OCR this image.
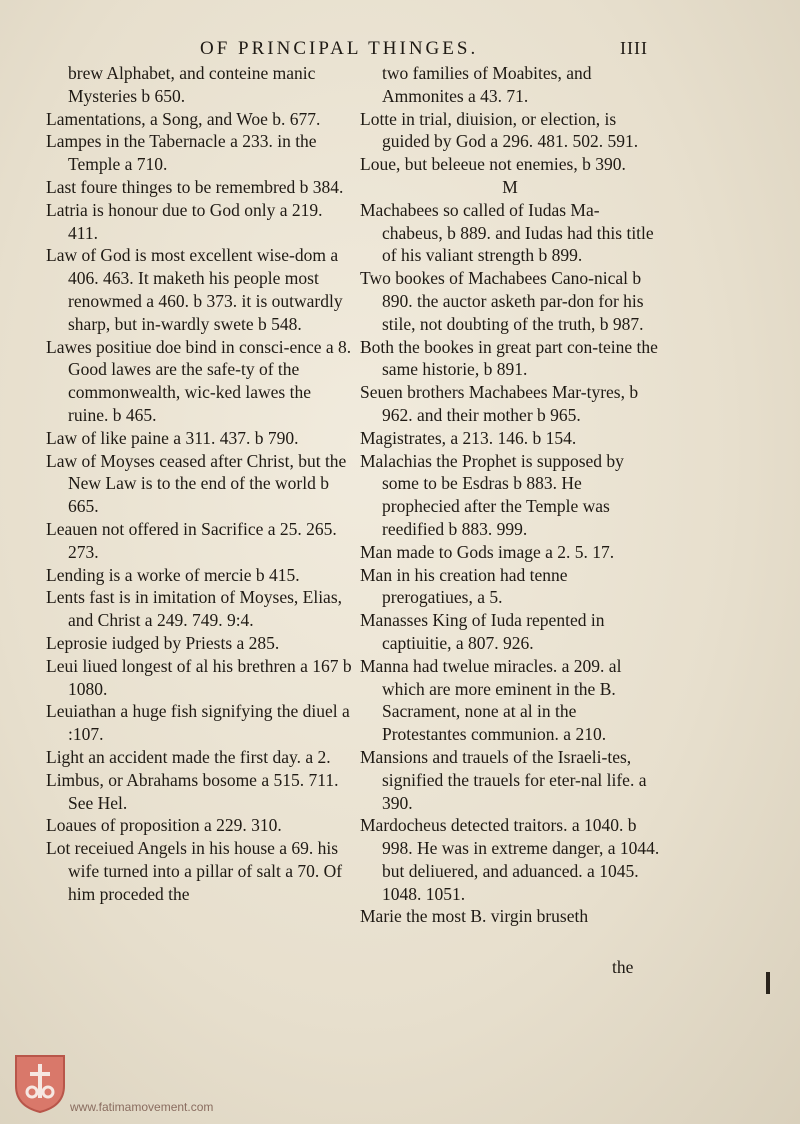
OF PRINCIPAL THINGES.	IIII

brew Alphabet, and conteine manic Mysteries b 650.

Lamentations, a Song, and Woe b. 677.

Lampes in the Tabernacle a 233. in the Temple a 710.

Last foure thinges to be remembred b 384.

Latria is honour due to God only a 219. 411.

Law of God is most excellent wise-dom a 406. 463. It maketh his people most renowmed a 460. b 373. it is outwardly sharp, but in-wardly swete b 548.

Lawes positiue doe bind in consci-ence a 8. Good lawes are the safe-ty of the commonwealth, wic-ked lawes the ruine. b 465.

Law of like paine a 311. 437. b 790.

Law of Moyses ceased after Christ, but the New Law is to the end of the world b 665.

Leauen not offered in Sacrifice a 25. 265. 273.

Lending is a worke of mercie b 415.

Lents fast is in imitation of Moyses, Elias, and Christ a 249. 749. 9:4.

Leprosie iudged by Priests a 285.

Leui liued longest of al his brethren a 167 b 1080.

Leuiathan a huge fish signifying the diuel a :107.

Light an accident made the first day. a 2.

Limbus, or Abrahams bosome a 515. 711. See Hel.

Loaues of proposition a 229. 310.

Lot receiued Angels in his house a 69. his wife turned into a pillar of salt a 70. Of him proceded the

two families of Moabites, and Ammonites a 43. 71.

Lotte in trial, diuision, or election, is guided by God a 296. 481. 502. 591.

Loue, but beleeue not enemies, b 390.

M

Machabees so called of Iudas Ma-chabeus, b 889. and Iudas had this title of his valiant strength b 899.

Two bookes of Machabees Cano-nical b 890. the auctor asketh par-don for his stile, not doubting of the truth, b 987.

Both the bookes in great part con-teine the same historie, b 891.

Seuen brothers Machabees Mar-tyres, b 962. and their mother b 965.

Magistrates, a 213. 146. b 154.

Malachias the Prophet is supposed by some to be Esdras b 883. He prophecied after the Temple was reedified b 883. 999.

Man made to Gods image a 2. 5. 17.

Man in his creation had tenne prerogatiues, a 5.

Manasses King of Iuda repented in captiuitie, a 807. 926.

Manna had twelue miracles. a 209. al which are more eminent in the B. Sacrament, none at al in the Protestantes communion. a 210.

Mansions and trauels of the Israeli-tes, signified the trauels for eter-nal life. a 390.

Mardocheus detected traitors. a 1040. b 998. He was in extreme danger, a 1044. but deliuered, and aduanced. a 1045. 1048. 1051.

Marie the most B. virgin bruseth

the
www.fatimamovement.com
